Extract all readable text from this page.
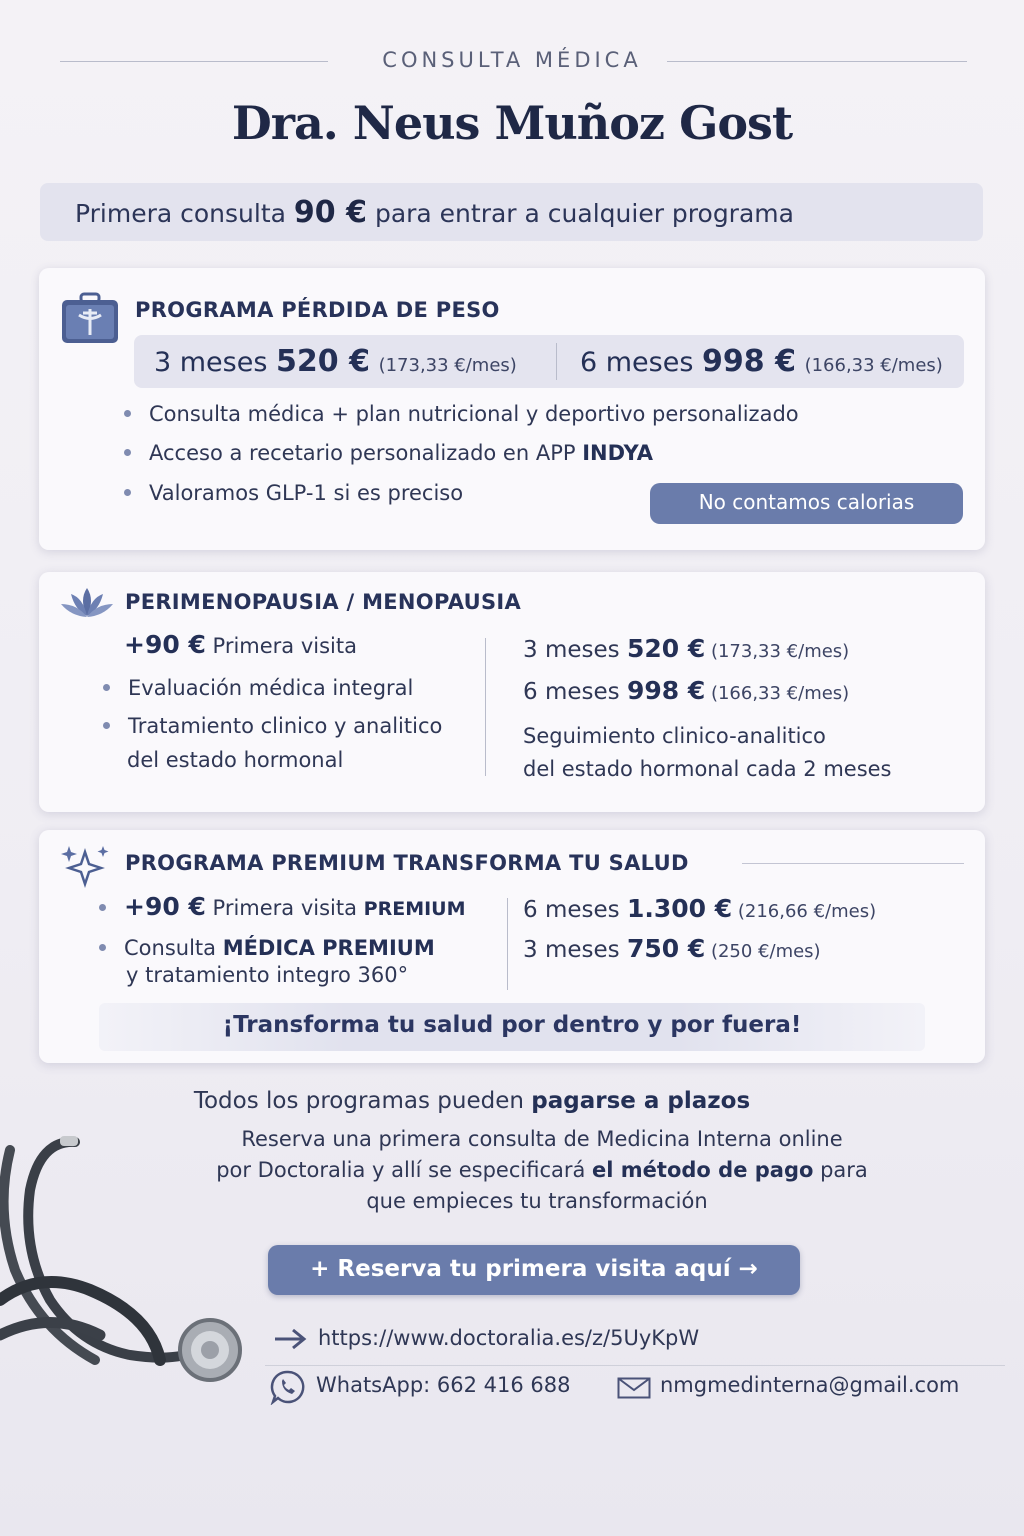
CONSULTA MÉDICA
Dra. Neus Muñoz Gost
Primera consulta 90 € para entrar a cualquier programa
PROGRAMA PÉRDIDA DE PESO
3 meses 520 € (173,33 €/mes) 6 meses 998 € (166,33 €/mes)
Consulta médica + plan nutricional y deportivo personalizado
Acceso a recetario personalizado en APP INDYA
Valoramos GLP-1 si es preciso	No contamos calorias
PERIMENOPAUSIA / MENOPAUSIA
+90 € Primera visita
Evaluación médica integral
Tratamiento clinico y analitico
del estado hormonal
3 meses 520 € (173,33 €/mes)
6 meses 998 € (166,33 €/mes)
Seguimiento clinico-analitico
del estado hormonal cada 2 meses
PROGRAMA PREMIUM TRANSFORMA TU SALUD
+90 € Primera visita PREMIUM
Consulta MÉDICA PREMIUM
y tratamiento integro 360°
6 meses 1.300 € (216,66 €/mes)
3 meses 750 € (250 €/mes)
¡Transforma tu salud por dentro y por fuera!
Todos los programas pueden pagarse a plazos
Reserva una primera consulta de Medicina Interna online
por Doctoralia y allí se especificará el método de pago para
que empieces tu transformación
+ Reserva tu primera visita aquí →
https://www.doctoralia.es/z/5UyKpW
WhatsApp: 662 416 688	nmgmedinterna@gmail.com
